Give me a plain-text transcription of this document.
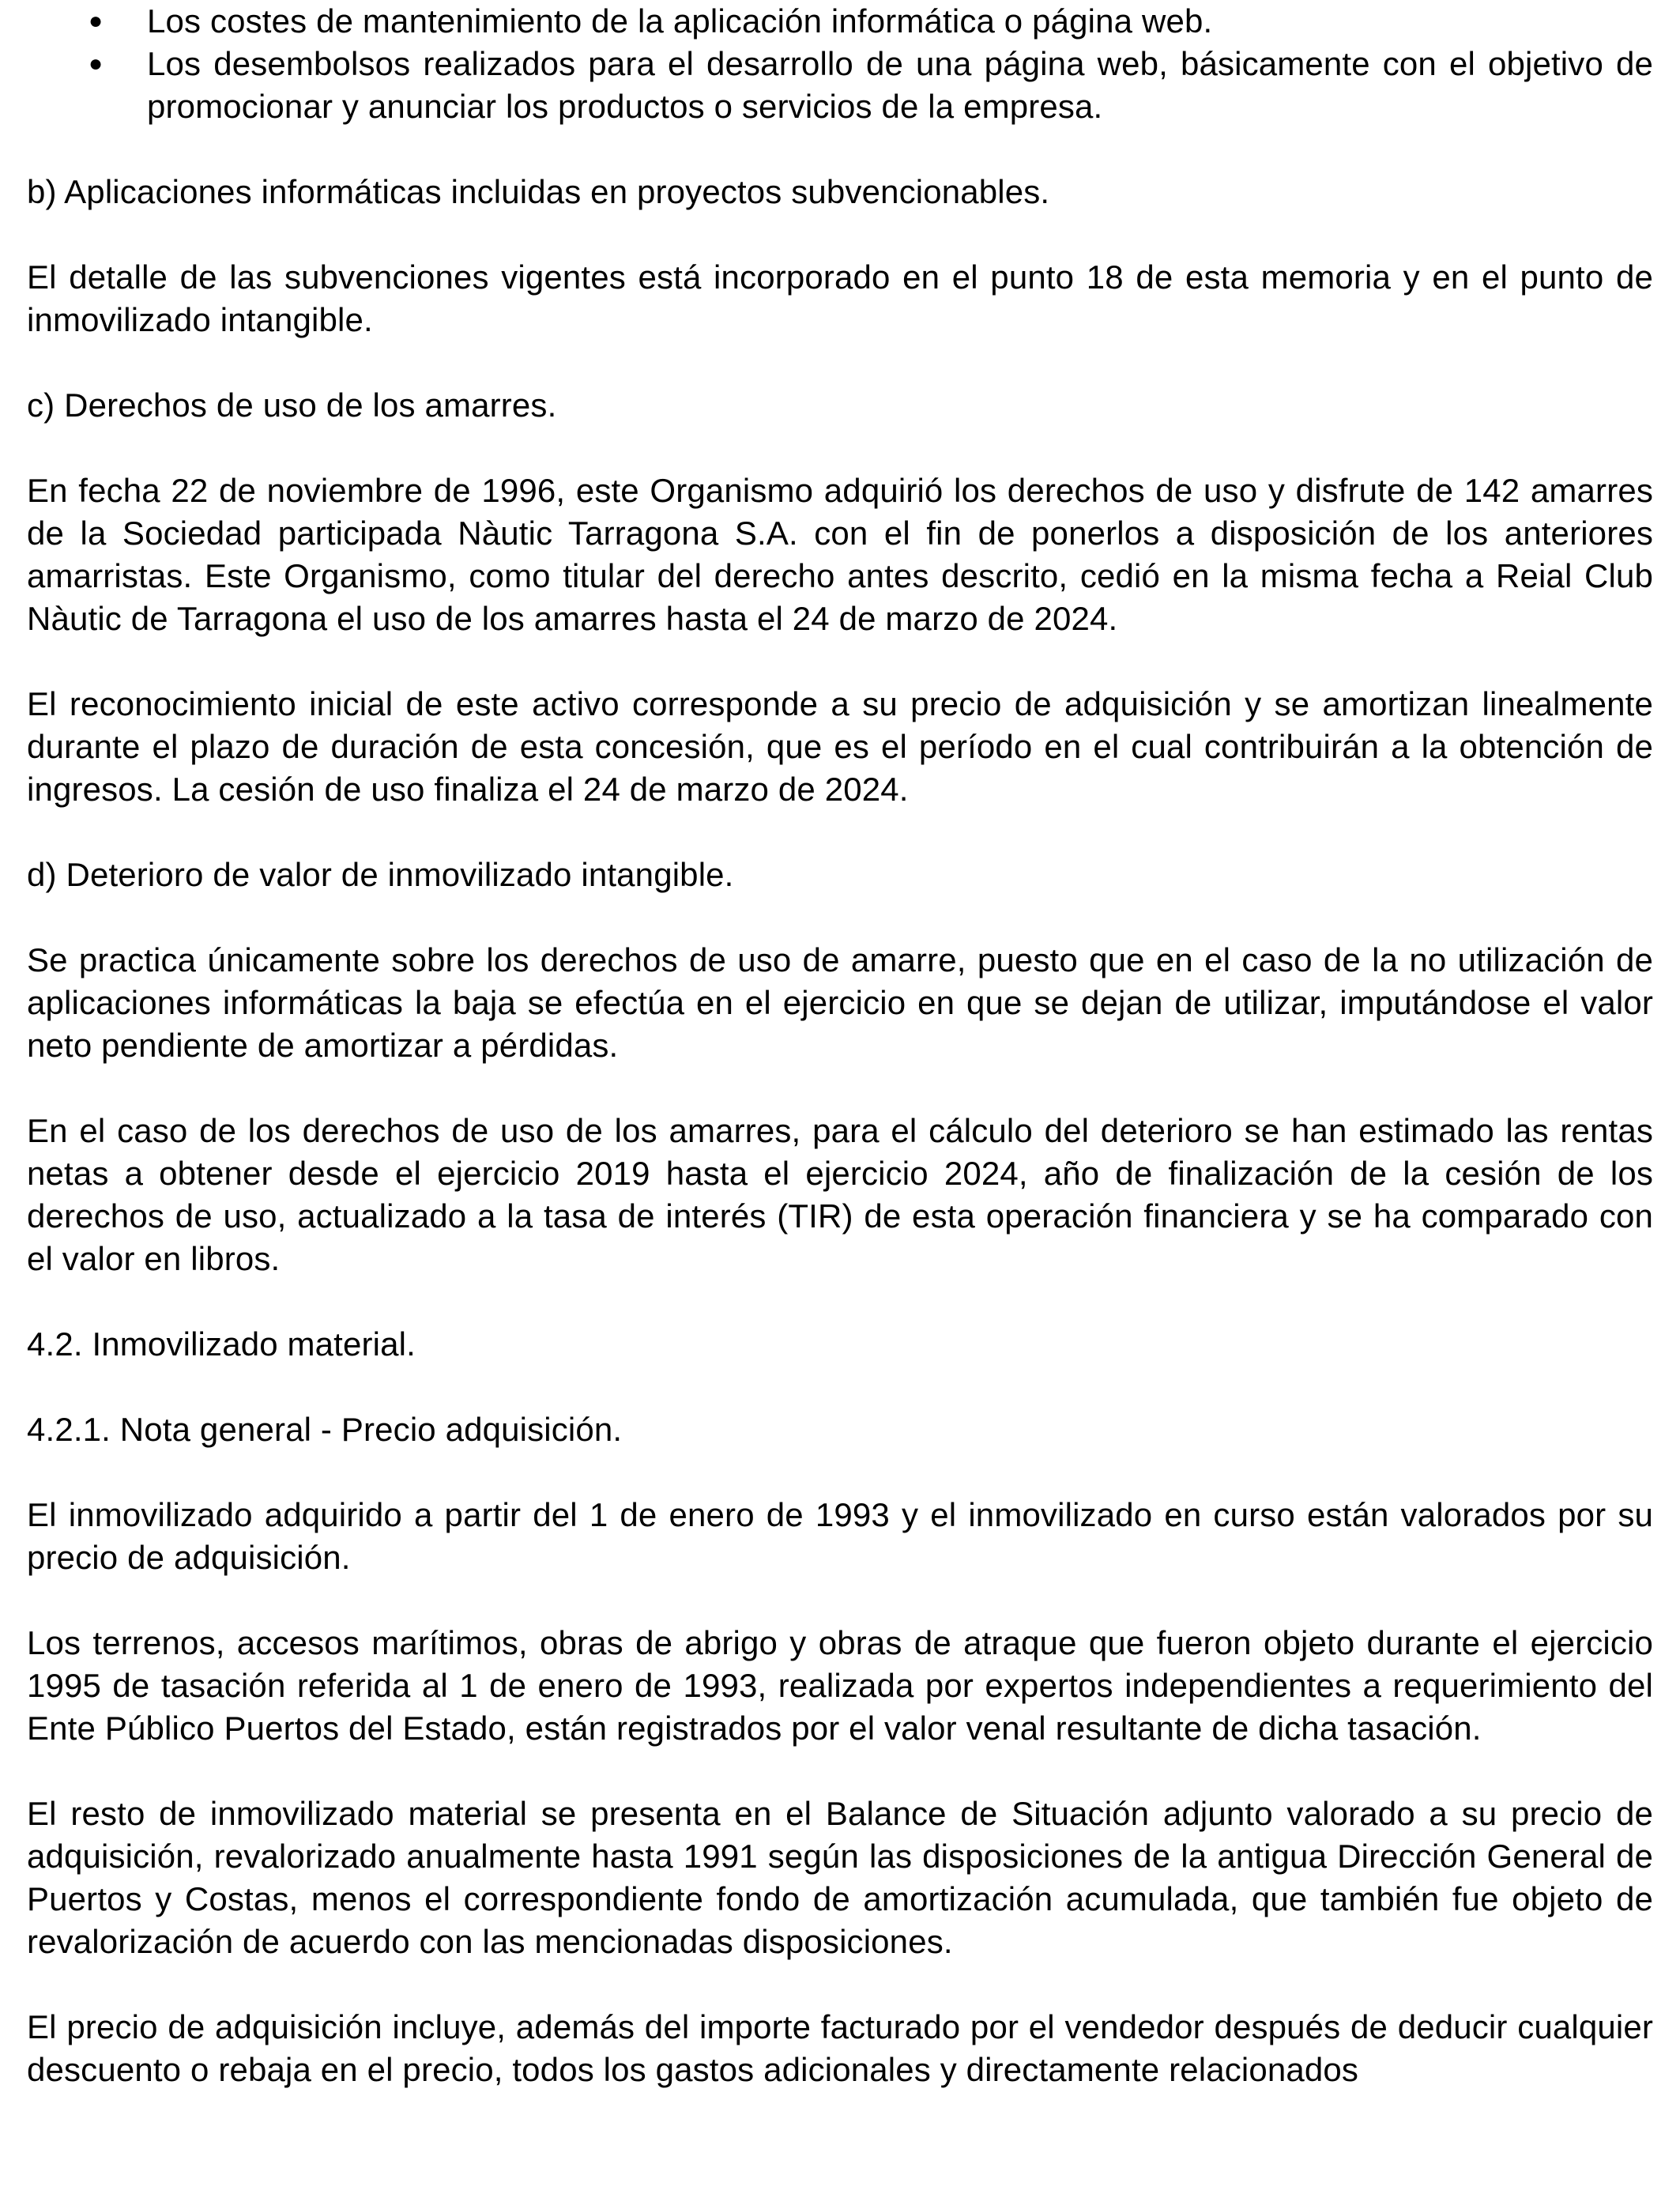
● Los costes de mantenimiento de la aplicación informática o página web.
● Los desembolsos realizados para el desarrollo de una página web, básicamente con el objetivo de promocionar y anunciar los productos o servicios de la empresa.

b) Aplicaciones informáticas incluidas en proyectos subvencionables.

El detalle de las subvenciones vigentes está incorporado en el punto 18 de esta memoria y en el punto de inmovilizado intangible.

c) Derechos de uso de los amarres.

En fecha 22 de noviembre de 1996, este Organismo adquirió los derechos de uso y disfrute de 142 amarres de la Sociedad participada Nàutic Tarragona S.A. con el fin de ponerlos a disposición de los anteriores amarristas. Este Organismo, como titular del derecho antes descrito, cedió en la misma fecha a Reial Club Nàutic de Tarragona el uso de los amarres hasta el 24 de marzo de 2024.

El reconocimiento inicial de este activo corresponde a su precio de adquisición y se amortizan linealmente durante el plazo de duración de esta concesión, que es el período en el cual contribuirán a la obtención de ingresos. La cesión de uso finaliza el 24 de marzo de 2024.

d) Deterioro de valor de inmovilizado intangible.

Se practica únicamente sobre los derechos de uso de amarre, puesto que en el caso de la no utilización de aplicaciones informáticas la baja se efectúa en el ejercicio en que se dejan de utilizar, imputándose el valor neto pendiente de amortizar a pérdidas.

En el caso de los derechos de uso de los amarres, para el cálculo del deterioro se han estimado las rentas netas a obtener desde el ejercicio 2019 hasta el ejercicio 2024, año de finalización de la cesión de los derechos de uso, actualizado a la tasa de interés (TIR) de esta operación financiera y se ha comparado con el valor en libros.

4.2. Inmovilizado material.

4.2.1. Nota general - Precio adquisición.

El inmovilizado adquirido a partir del 1 de enero de 1993 y el inmovilizado en curso están valorados por su precio de adquisición.

Los terrenos, accesos marítimos, obras de abrigo y obras de atraque que fueron objeto durante el ejercicio 1995 de tasación referida al 1 de enero de 1993, realizada por expertos independientes a requerimiento del Ente Público Puertos del Estado, están registrados por el valor venal resultante de dicha tasación.

El resto de inmovilizado material se presenta en el Balance de Situación adjunto valorado a su precio de adquisición, revalorizado anualmente hasta 1991 según las disposiciones de la antigua Dirección General de Puertos y Costas, menos el correspondiente fondo de amortización acumulada, que también fue objeto de revalorización de acuerdo con las mencionadas disposiciones.

El precio de adquisición incluye, además del importe facturado por el vendedor después de deducir cualquier descuento o rebaja en el precio, todos los gastos adicionales y directamente relacionados
